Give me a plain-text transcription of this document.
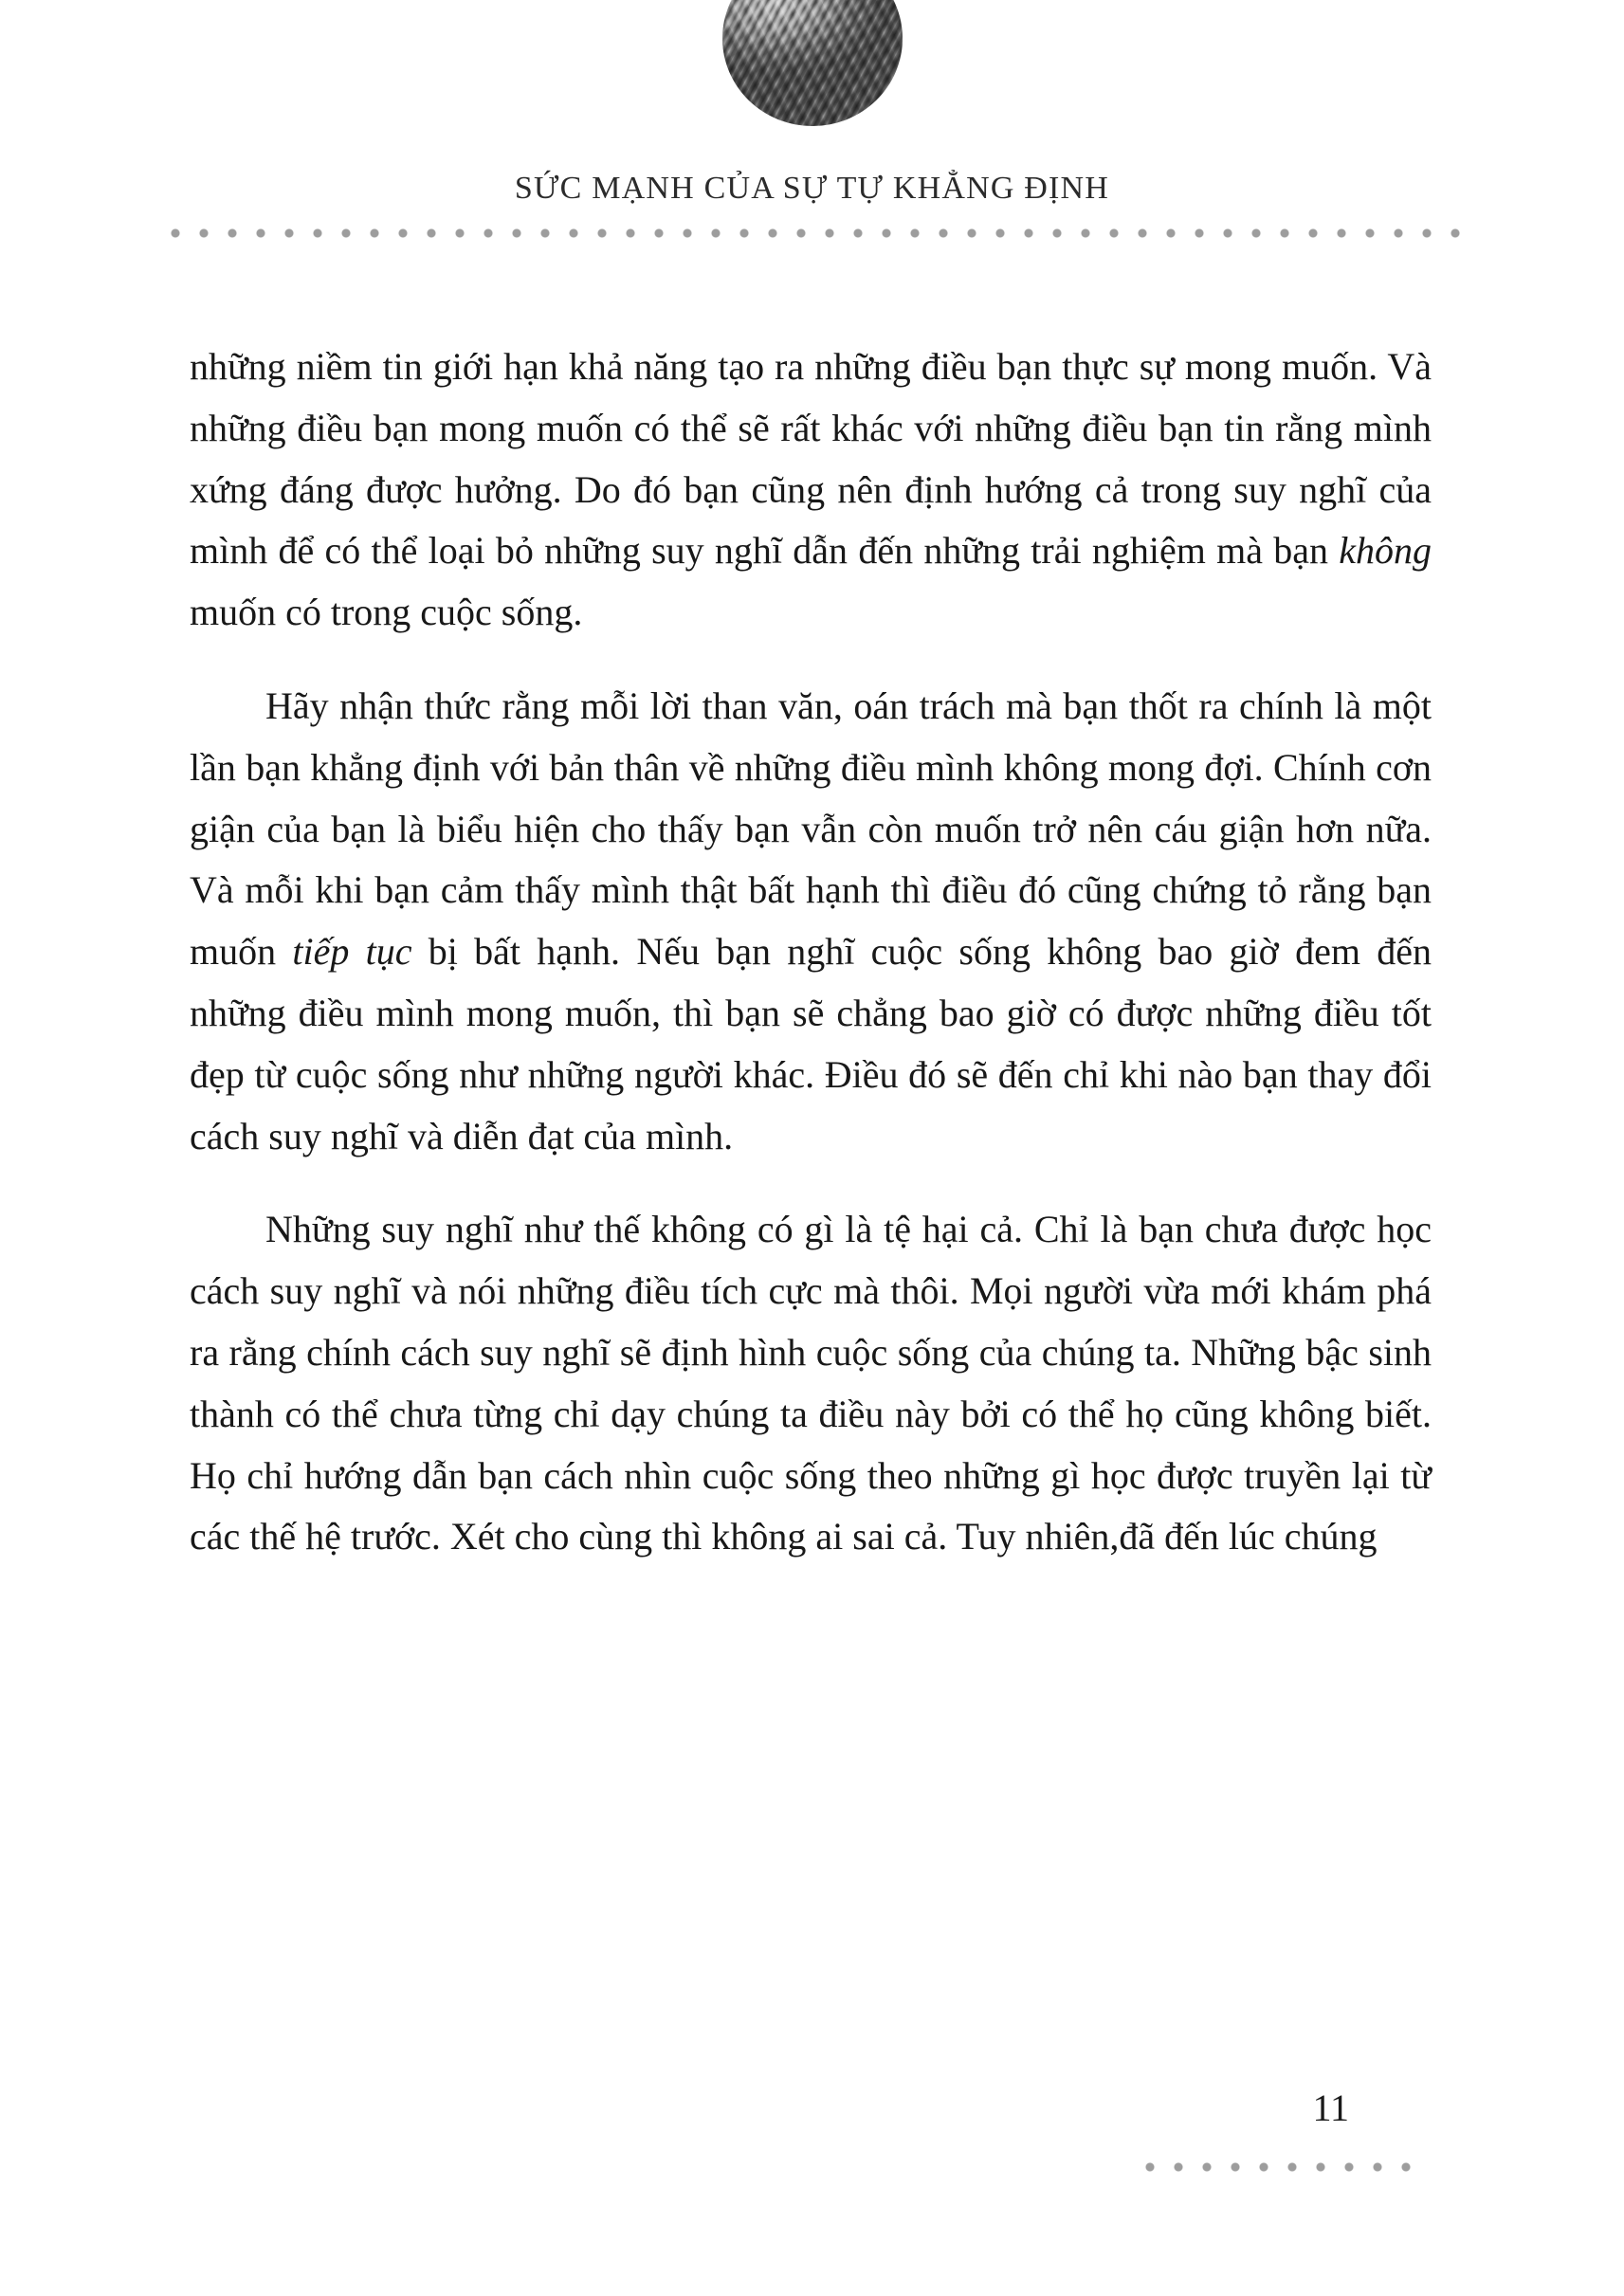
SỨC MẠNH CỦA SỰ TỰ KHẲNG ĐỊNH

những niềm tin giới hạn khả năng tạo ra những điều bạn thực sự mong muốn. Và những điều bạn mong muốn có thể sẽ rất khác với những điều bạn tin rằng mình xứng đáng được hưởng. Do đó bạn cũng nên định hướng cả trong suy nghĩ của mình để có thể loại bỏ những suy nghĩ dẫn đến những trải nghiệm mà bạn không muốn có trong cuộc sống.

Hãy nhận thức rằng mỗi lời than văn, oán trách mà bạn thốt ra chính là một lần bạn khẳng định với bản thân về những điều mình không mong đợi. Chính cơn giận của bạn là biểu hiện cho thấy bạn vẫn còn muốn trở nên cáu giận hơn nữa. Và mỗi khi bạn cảm thấy mình thật bất hạnh thì điều đó cũng chứng tỏ rằng bạn muốn tiếp tục bị bất hạnh. Nếu bạn nghĩ cuộc sống không bao giờ đem đến những điều mình mong muốn, thì bạn sẽ chẳng bao giờ có được những điều tốt đẹp từ cuộc sống như những người khác. Điều đó sẽ đến chỉ khi nào bạn thay đổi cách suy nghĩ và diễn đạt của mình.

Những suy nghĩ như thế không có gì là tệ hại cả. Chỉ là bạn chưa được học cách suy nghĩ và nói những điều tích cực mà thôi. Mọi người vừa mới khám phá ra rằng chính cách suy nghĩ sẽ định hình cuộc sống của chúng ta. Những bậc sinh thành có thể chưa từng chỉ dạy chúng ta điều này bởi có thể họ cũng không biết. Họ chỉ hướng dẫn bạn cách nhìn cuộc sống theo những gì học được truyền lại từ các thế hệ trước. Xét cho cùng thì không ai sai cả. Tuy nhiên,đã đến lúc chúng

11
